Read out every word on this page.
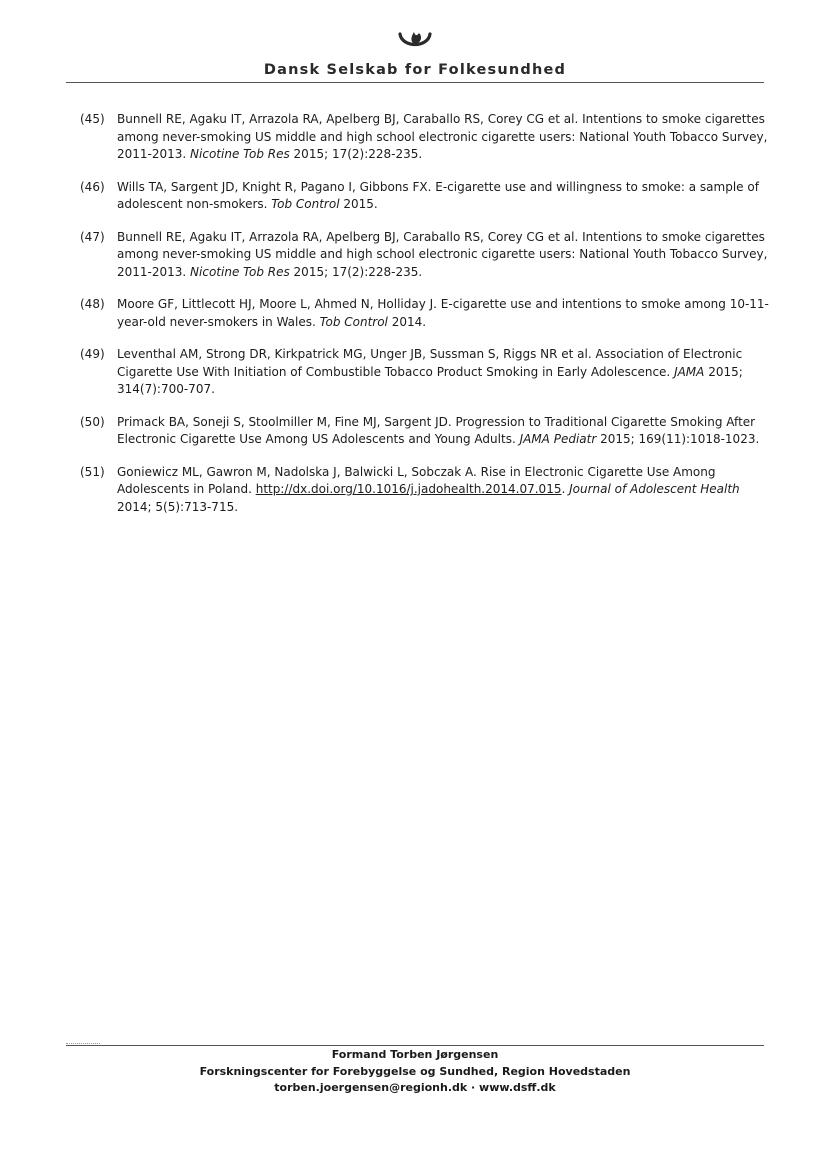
Dansk Selskab for Folkesundhed
(45)	Bunnell RE, Agaku IT, Arrazola RA, Apelberg BJ, Caraballo RS, Corey CG et al. Intentions to smoke cigarettes among never-smoking US middle and high school electronic cigarette users: National Youth Tobacco Survey, 2011-2013. Nicotine Tob Res 2015; 17(2):228-235.
(46)	Wills TA, Sargent JD, Knight R, Pagano I, Gibbons FX. E-cigarette use and willingness to smoke: a sample of adolescent non-smokers. Tob Control 2015.
(47)	Bunnell RE, Agaku IT, Arrazola RA, Apelberg BJ, Caraballo RS, Corey CG et al. Intentions to smoke cigarettes among never-smoking US middle and high school electronic cigarette users: National Youth Tobacco Survey, 2011-2013. Nicotine Tob Res 2015; 17(2):228-235.
(48)	Moore GF, Littlecott HJ, Moore L, Ahmed N, Holliday J. E-cigarette use and intentions to smoke among 10-11-year-old never-smokers in Wales. Tob Control 2014.
(49)	Leventhal AM, Strong DR, Kirkpatrick MG, Unger JB, Sussman S, Riggs NR et al. Association of Electronic Cigarette Use With Initiation of Combustible Tobacco Product Smoking in Early Adolescence. JAMA 2015; 314(7):700-707.
(50)	Primack BA, Soneji S, Stoolmiller M, Fine MJ, Sargent JD. Progression to Traditional Cigarette Smoking After Electronic Cigarette Use Among US Adolescents and Young Adults. JAMA Pediatr 2015; 169(11):1018-1023.
(51)	Goniewicz ML, Gawron M, Nadolska J, Balwicki L, Sobczak A. Rise in Electronic Cigarette Use Among Adolescents in Poland. http://dx.doi.org/10.1016/j.jadohealth.2014.07.015. Journal of Adolescent Health 2014; 5(5):713-715.
Formand Torben Jørgensen
Forskningscenter for Forebyggelse og Sundhed, Region Hovedstaden
torben.joergensen@regionh.dk · www.dsff.dk
